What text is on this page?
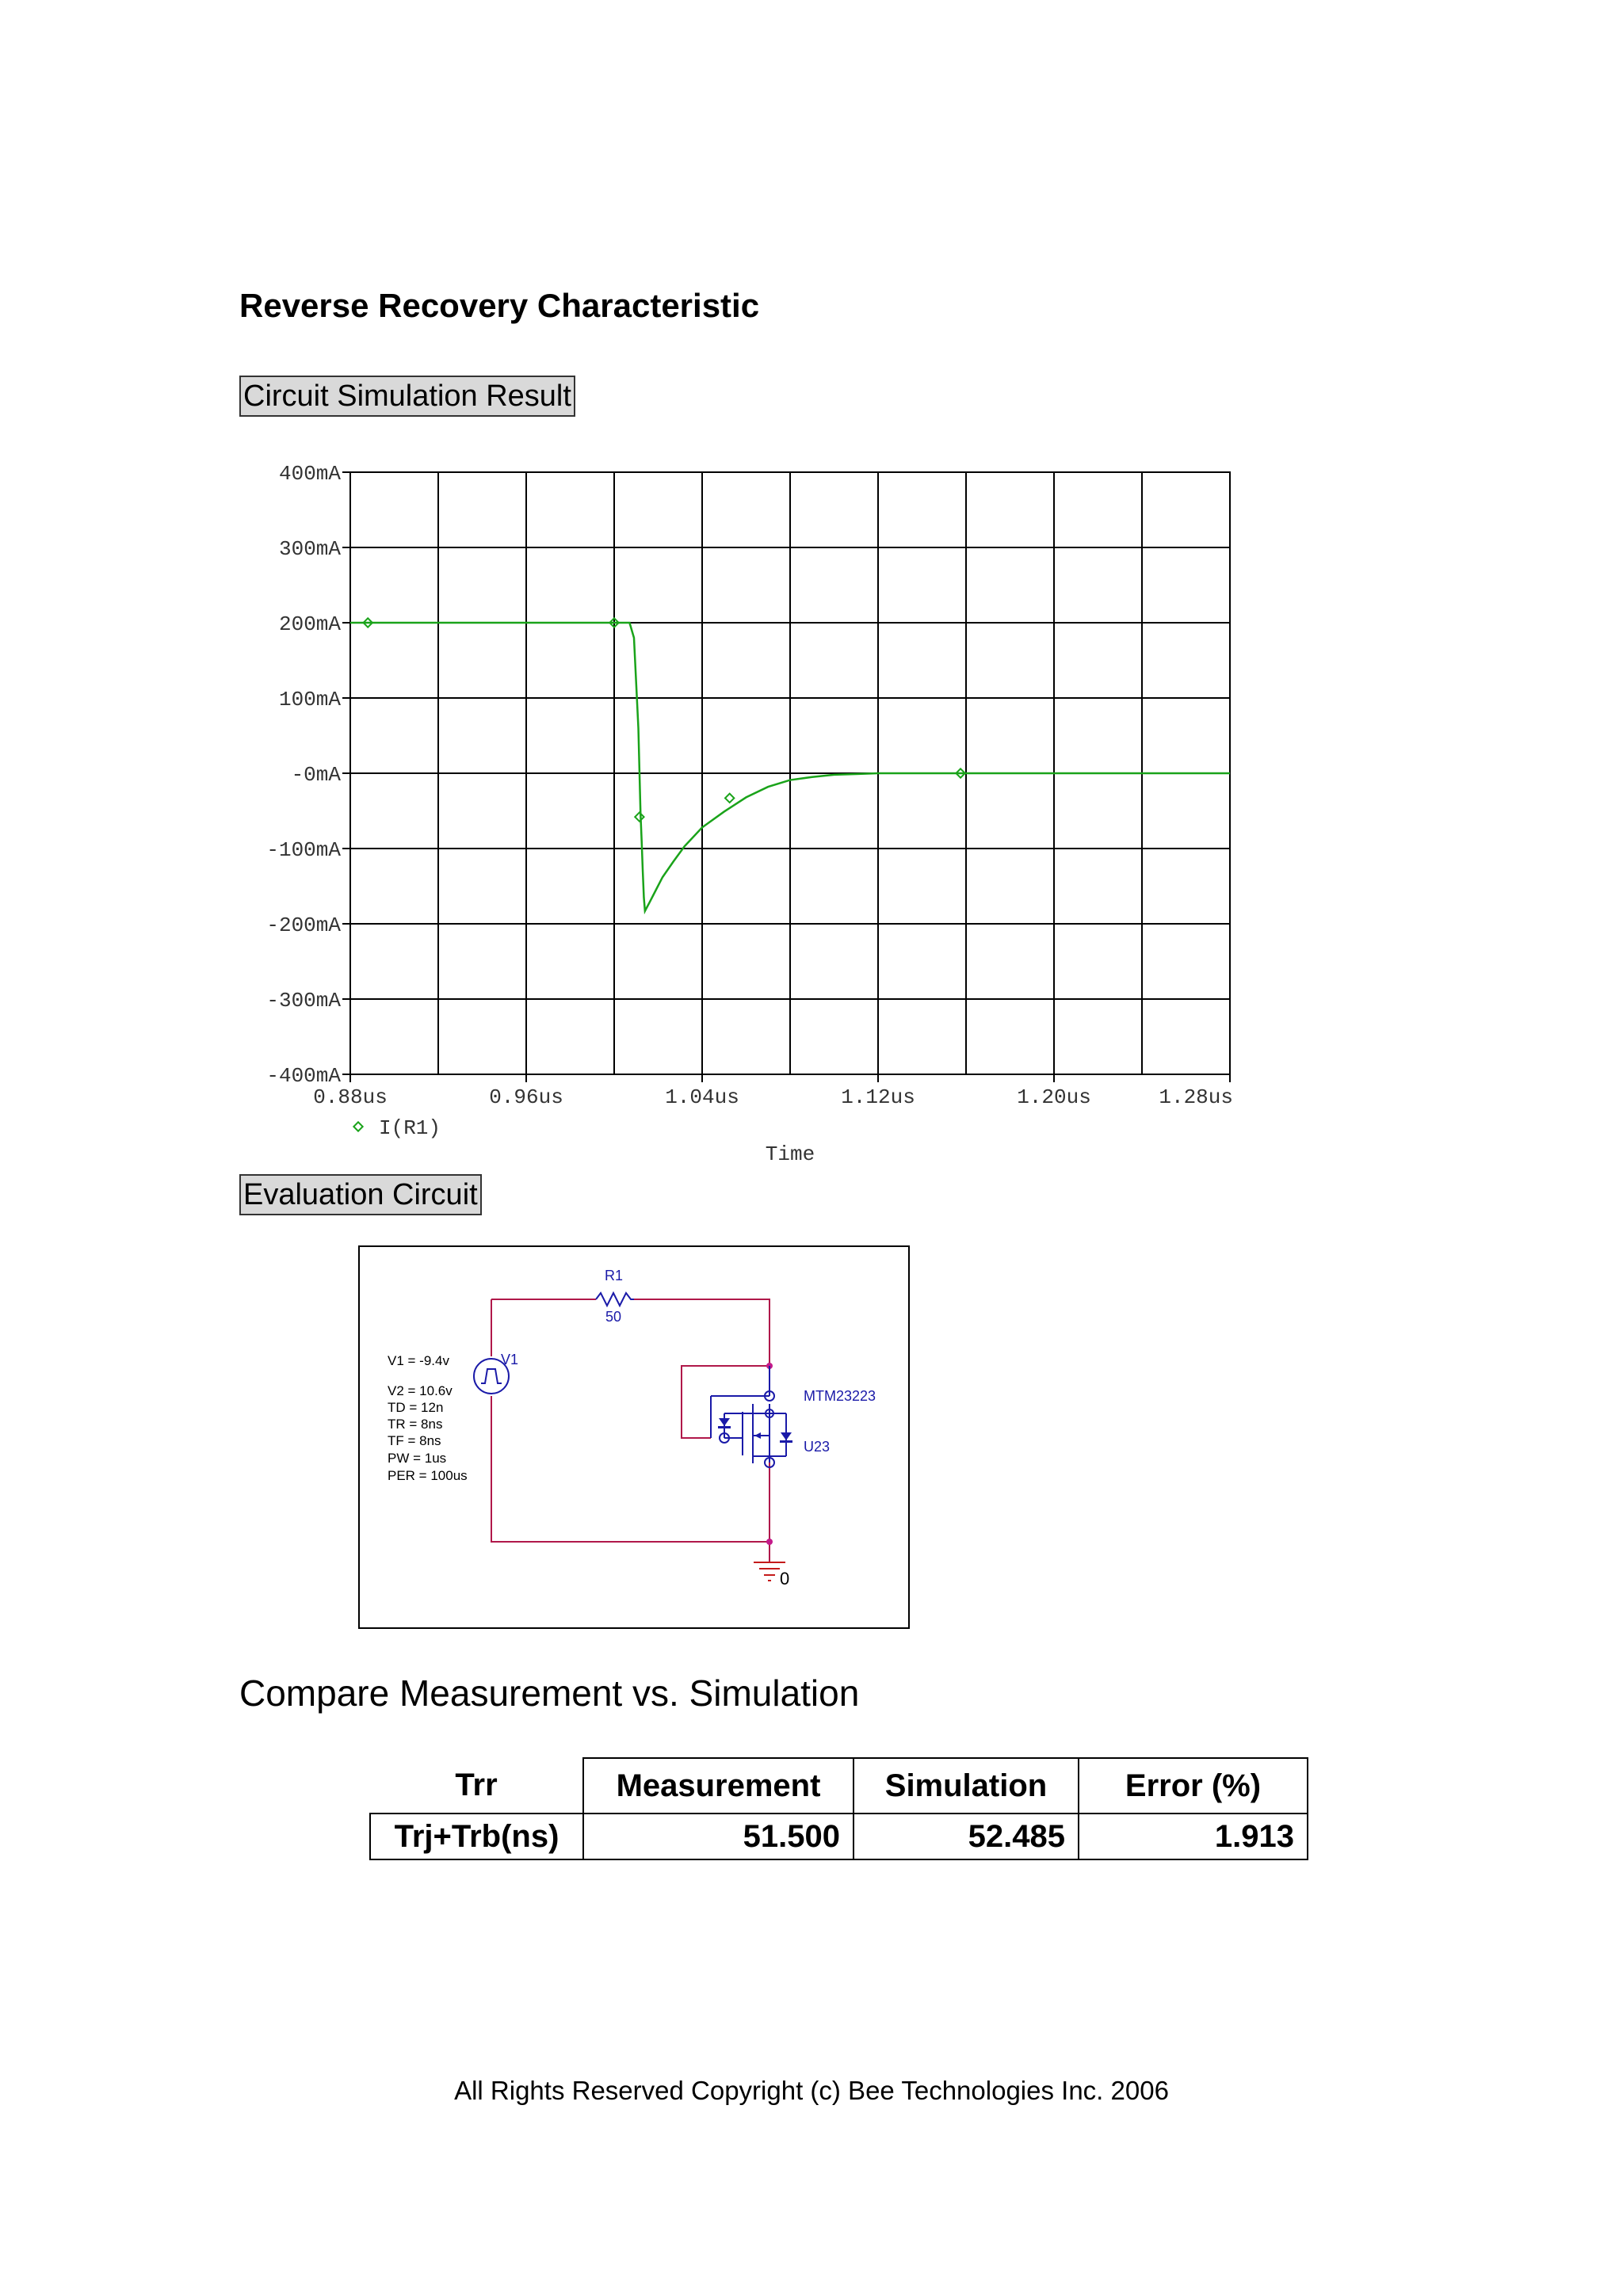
Reverse Recovery Characteristic
Circuit Simulation Result
400mA
300mA
200mA
100mA
-0mA
-100mA
-200mA
-300mA
-400mA
0.88us	0.96us	1.04us	1.12us	1.20us	1.28us
I(R1)
Time
Evaluation Circuit
R1
50
V1
V1 = -9.4v
V2 = 10.6v
TD = 12n
TR = 8ns
TF = 8ns
PW = 1us
PER = 100us
MTM23223
U23
0
Compare Measurement vs. Simulation
Trr	Measurement	Simulation	Error (%)
Trj+Trb(ns)	51.500	52.485	1.913
All Rights Reserved Copyright (c) Bee Technologies Inc. 2006
